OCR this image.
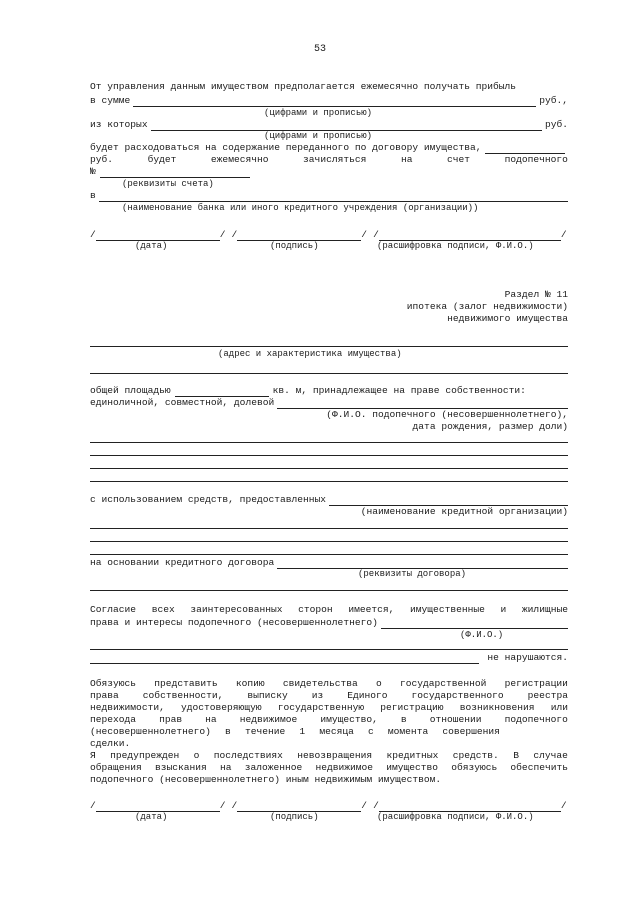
53
От управления данным имуществом предполагается ежемесячно получать прибыль
в сумме	руб.,
(цифрами и прописью)
из которых	руб.
(цифрами и прописью)
будет расходоваться на содержание переданного по договору имущества,
руб.	будет	ежемесячно	зачисляться	на	счет	подопечного
№
(реквизиты счета)
в
(наименование банка или иного кредитного учреждения (организации))
/	/ /	/ /	/
(дата)	(подпись)	(расшифровка подписи, Ф.И.О.)
Раздел № 11
ипотека (залог недвижимости)
недвижимого имущества
(адрес и характеристика имущества)
общей площадью	кв. м, принадлежащее на праве собственности:
единоличной, совместной, долевой
(Ф.И.О. подопечного (несовершеннолетнего),
дата рождения, размер доли)
с использованием средств, предоставленных
(наименование кредитной организации)
на основании кредитного договора
(реквизиты договора)
Согласие всех заинтересованных сторон имеется, имущественные и жилищные
права и интересы подопечного (несовершеннолетнего)
(Ф.И.О.)
не нарушаются.
Обязуюсь представить копию свидетельства о государственной регистрации
права	собственности,	выписку	из	Единого	государственного	реестра
недвижимости, удостоверяющую государственную регистрацию возникновения или
перехода прав на недвижимое имущество, в отношении подопечного
(несовершеннолетнего) в течение 1 месяца с момента совершения
сделки.
Я предупрежден о последствиях невозвращения кредитных средств. В случае
обращения взыскания на заложенное недвижимое имущество обязуюсь обеспечить
подопечного (несовершеннолетнего) иным недвижимым имуществом.
/	/ /	/ /	/
(дата)	(подпись)	(расшифровка подписи, Ф.И.О.)
